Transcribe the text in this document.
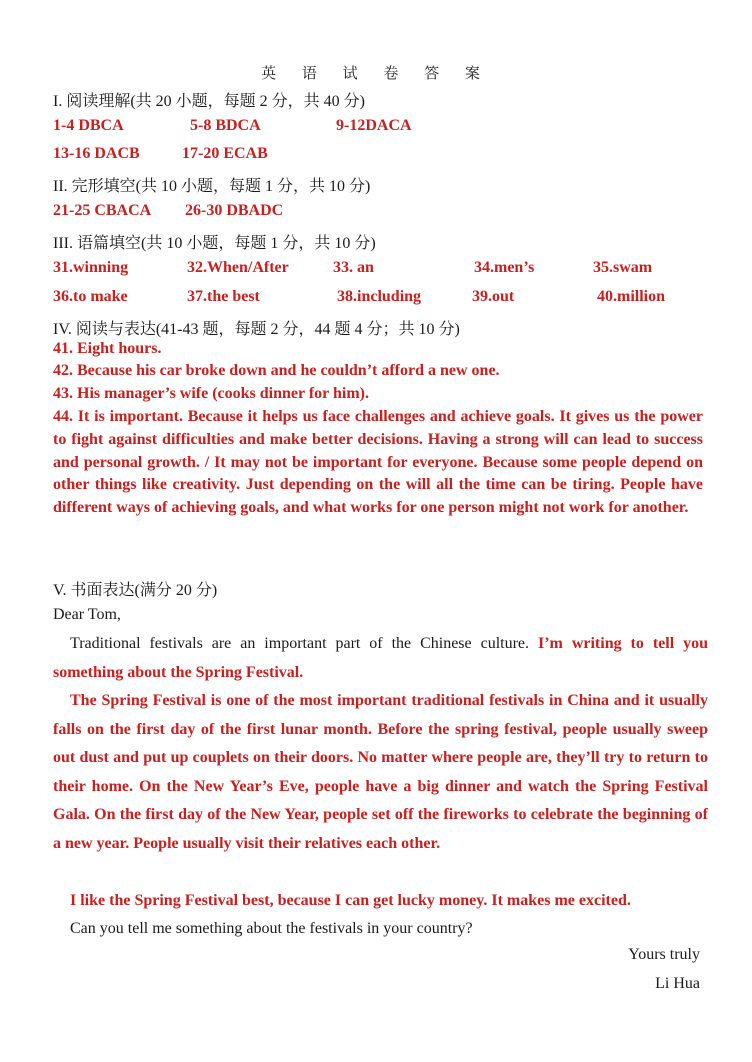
英 语 试 卷 答 案
I. 阅读理解(共 20 小题，每题 2 分，共 40 分)
1-4 DBCA	5-8 BDCA	9-12DACA
13-16 DACB	17-20 ECAB
II. 完形填空(共 10 小题，每题 1 分，共 10 分)
21-25 CBACA 26-30 DBADC
III. 语篇填空(共 10 小题，每题 1 分，共 10 分)
31.winning	32.When/After	33. an	34.men’s	35.swam
36.to make	37.the best	38.including	39.out	40.million
IV. 阅读与表达(41-43 题，每题 2 分，44 题 4 分；共 10 分)
41. Eight hours.
42. Because his car broke down and he couldn’t afford a new one.
43. His manager’s wife (cooks dinner for him).
44. It is important. Because it helps us face challenges and achieve goals. It gives us the power to fight against difficulties and make better decisions. Having a strong will can lead to success and personal growth. / It may not be important for everyone. Because some people depend on other things like creativity. Just depending on the will all the time can be tiring. People have different ways of achieving goals, and what works for one person might not work for another.
V. 书面表达(满分 20 分)
Dear Tom,
Traditional festivals are an important part of the Chinese culture. I’m writing to tell you something about the Spring Festival.
The Spring Festival is one of the most important traditional festivals in China and it usually falls on the first day of the first lunar month. Before the spring festival, people usually sweep out dust and put up couplets on their doors. No matter where people are, they’ll try to return to their home. On the New Year’s Eve, people have a big dinner and watch the Spring Festival Gala. On the first day of the New Year, people set off the fireworks to celebrate the beginning of a new year. People usually visit their relatives each other.
I like the Spring Festival best, because I can get lucky money. It makes me excited.
Can you tell me something about the festivals in your country?
Yours truly
Li Hua
